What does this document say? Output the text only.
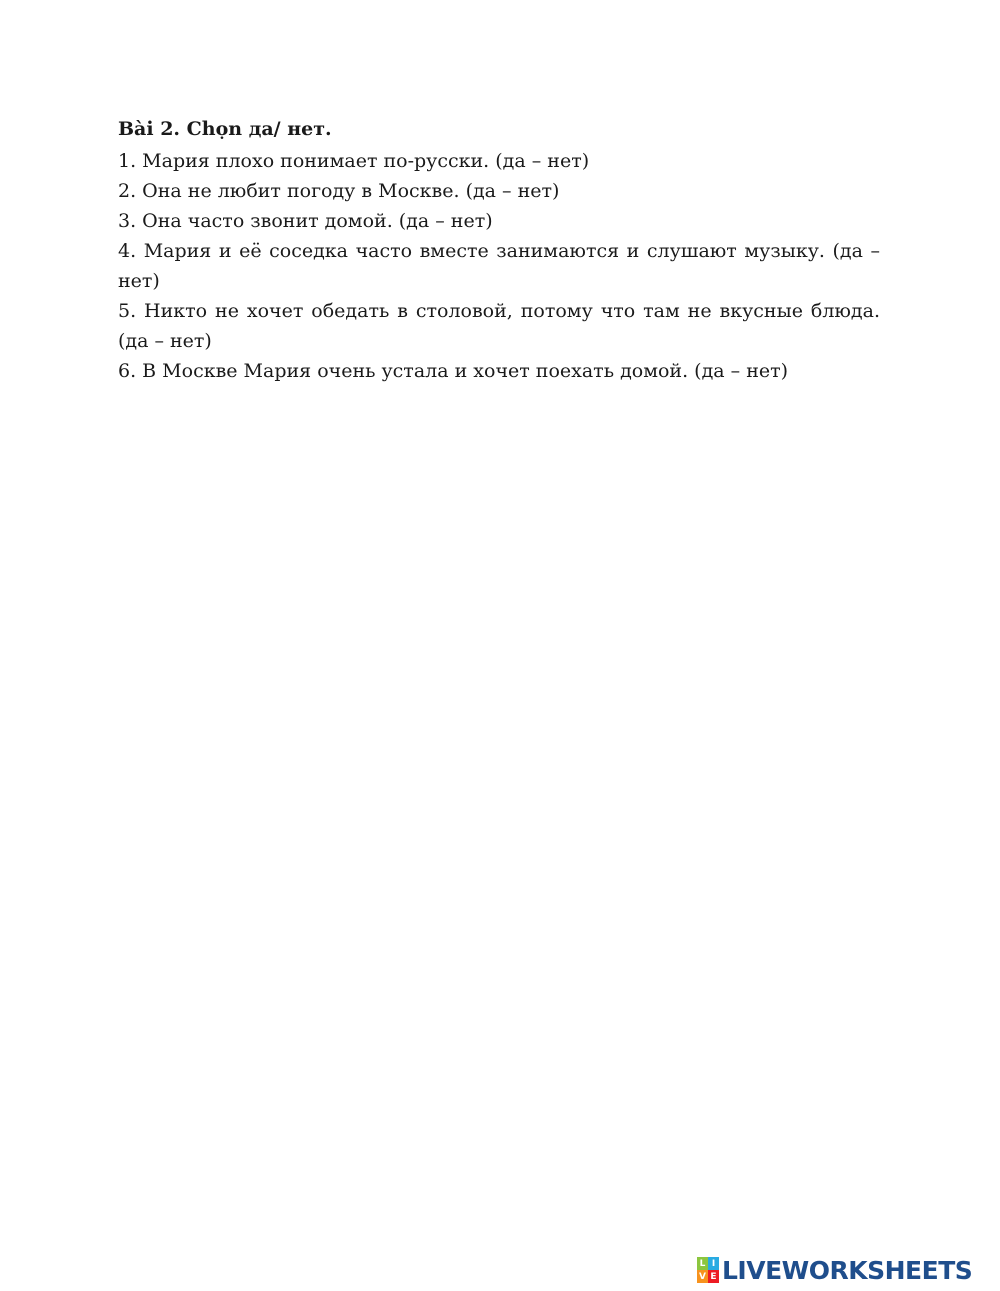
Bài 2. Chọn да/ нет.

1. Мария плохо понимает по-русски. (да – нет)

2. Она не любит погоду в Москве. (да – нет)

3. Она часто звонит домой. (да – нет)

4. Мария и её соседка часто вместе занимаются и слушают музыку. (да – нет)

5. Никто не хочет обедать в столовой, потому что там не вкусные блюда. (да – нет)

6. В Москве Мария очень устала и хочет поехать домой. (да – нет)

L I
V E LIVEWORKSHEETS
